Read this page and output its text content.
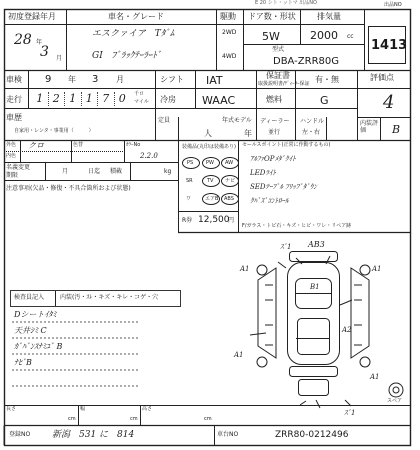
E 20 シト・ットマ 出品NO
初度登録年月
28 年
3 月
車名・グレード
エスクァイア　Tﾀﾞﾑ
GI　ﾌﾞﾗｯｸﾃｰﾗｰﾄﾞ
駆動
2WD
4WD
ドア数・形状
5W
型式
DBA-ZRR80G
排気量
2000 cc
出品NO
1413
車検 9 年 3 月	シフト IAT	保証書
取扱説明書/ﾃﾞｨｰﾗｰ保証 有・無	評価点
4
走行	1 2 1 1 7 0	千ロ
マイル 冷房 WAAC	燃料	G
車歴
自家用・レンタ・事業用（　　　）
定員
人
年式モデル
年
ディーラー
並行
ハンドル
左・右
内装評価	B
外色 クロ	色替	ｶﾗｰNo
2.2.0
内色
名義変更
期限
月	日迄 積載	kg
注意事項(欠品・修復・不具合箇所および状態)
装備品(丸印は装備あり)
PS	PW AW
SR	TV ナビ
ワ	エアB ABS
R券 12,500
円
セールスポイント(正常に作動するもの)
ｱﾙﾌｧOPﾒﾀﾞｸｲﾄ
LEDﾗｲﾄ
SEDﾃｰﾌﾞﾙ ﾌﾘｯﾌﾟﾀﾞｳﾝ
ｸﾊﾞｽﾞｺﾝﾄﾛｰﾙ
F/ガラス・トピ石・キズ・ヒビ・ワレ・リペア跡
検査員記入	内装(汚・ｽﾚ・キズ・キレ・コゲ・穴
Dシートｲﾀﾐ
天井ｼﾐ C
ｶﾞﾊﾞﾝｽﾅﾐﾕﾞ B
ﾅﾋﾞB
ｽﾞ1 AB3
A1	A1
B1
A2
A1
A1
ｽﾞ1
スペア
長さ	幅	高さ
cm	cm	cm
登録NO 新潟　531 に　814	車台NO	ZRR80-0212496
